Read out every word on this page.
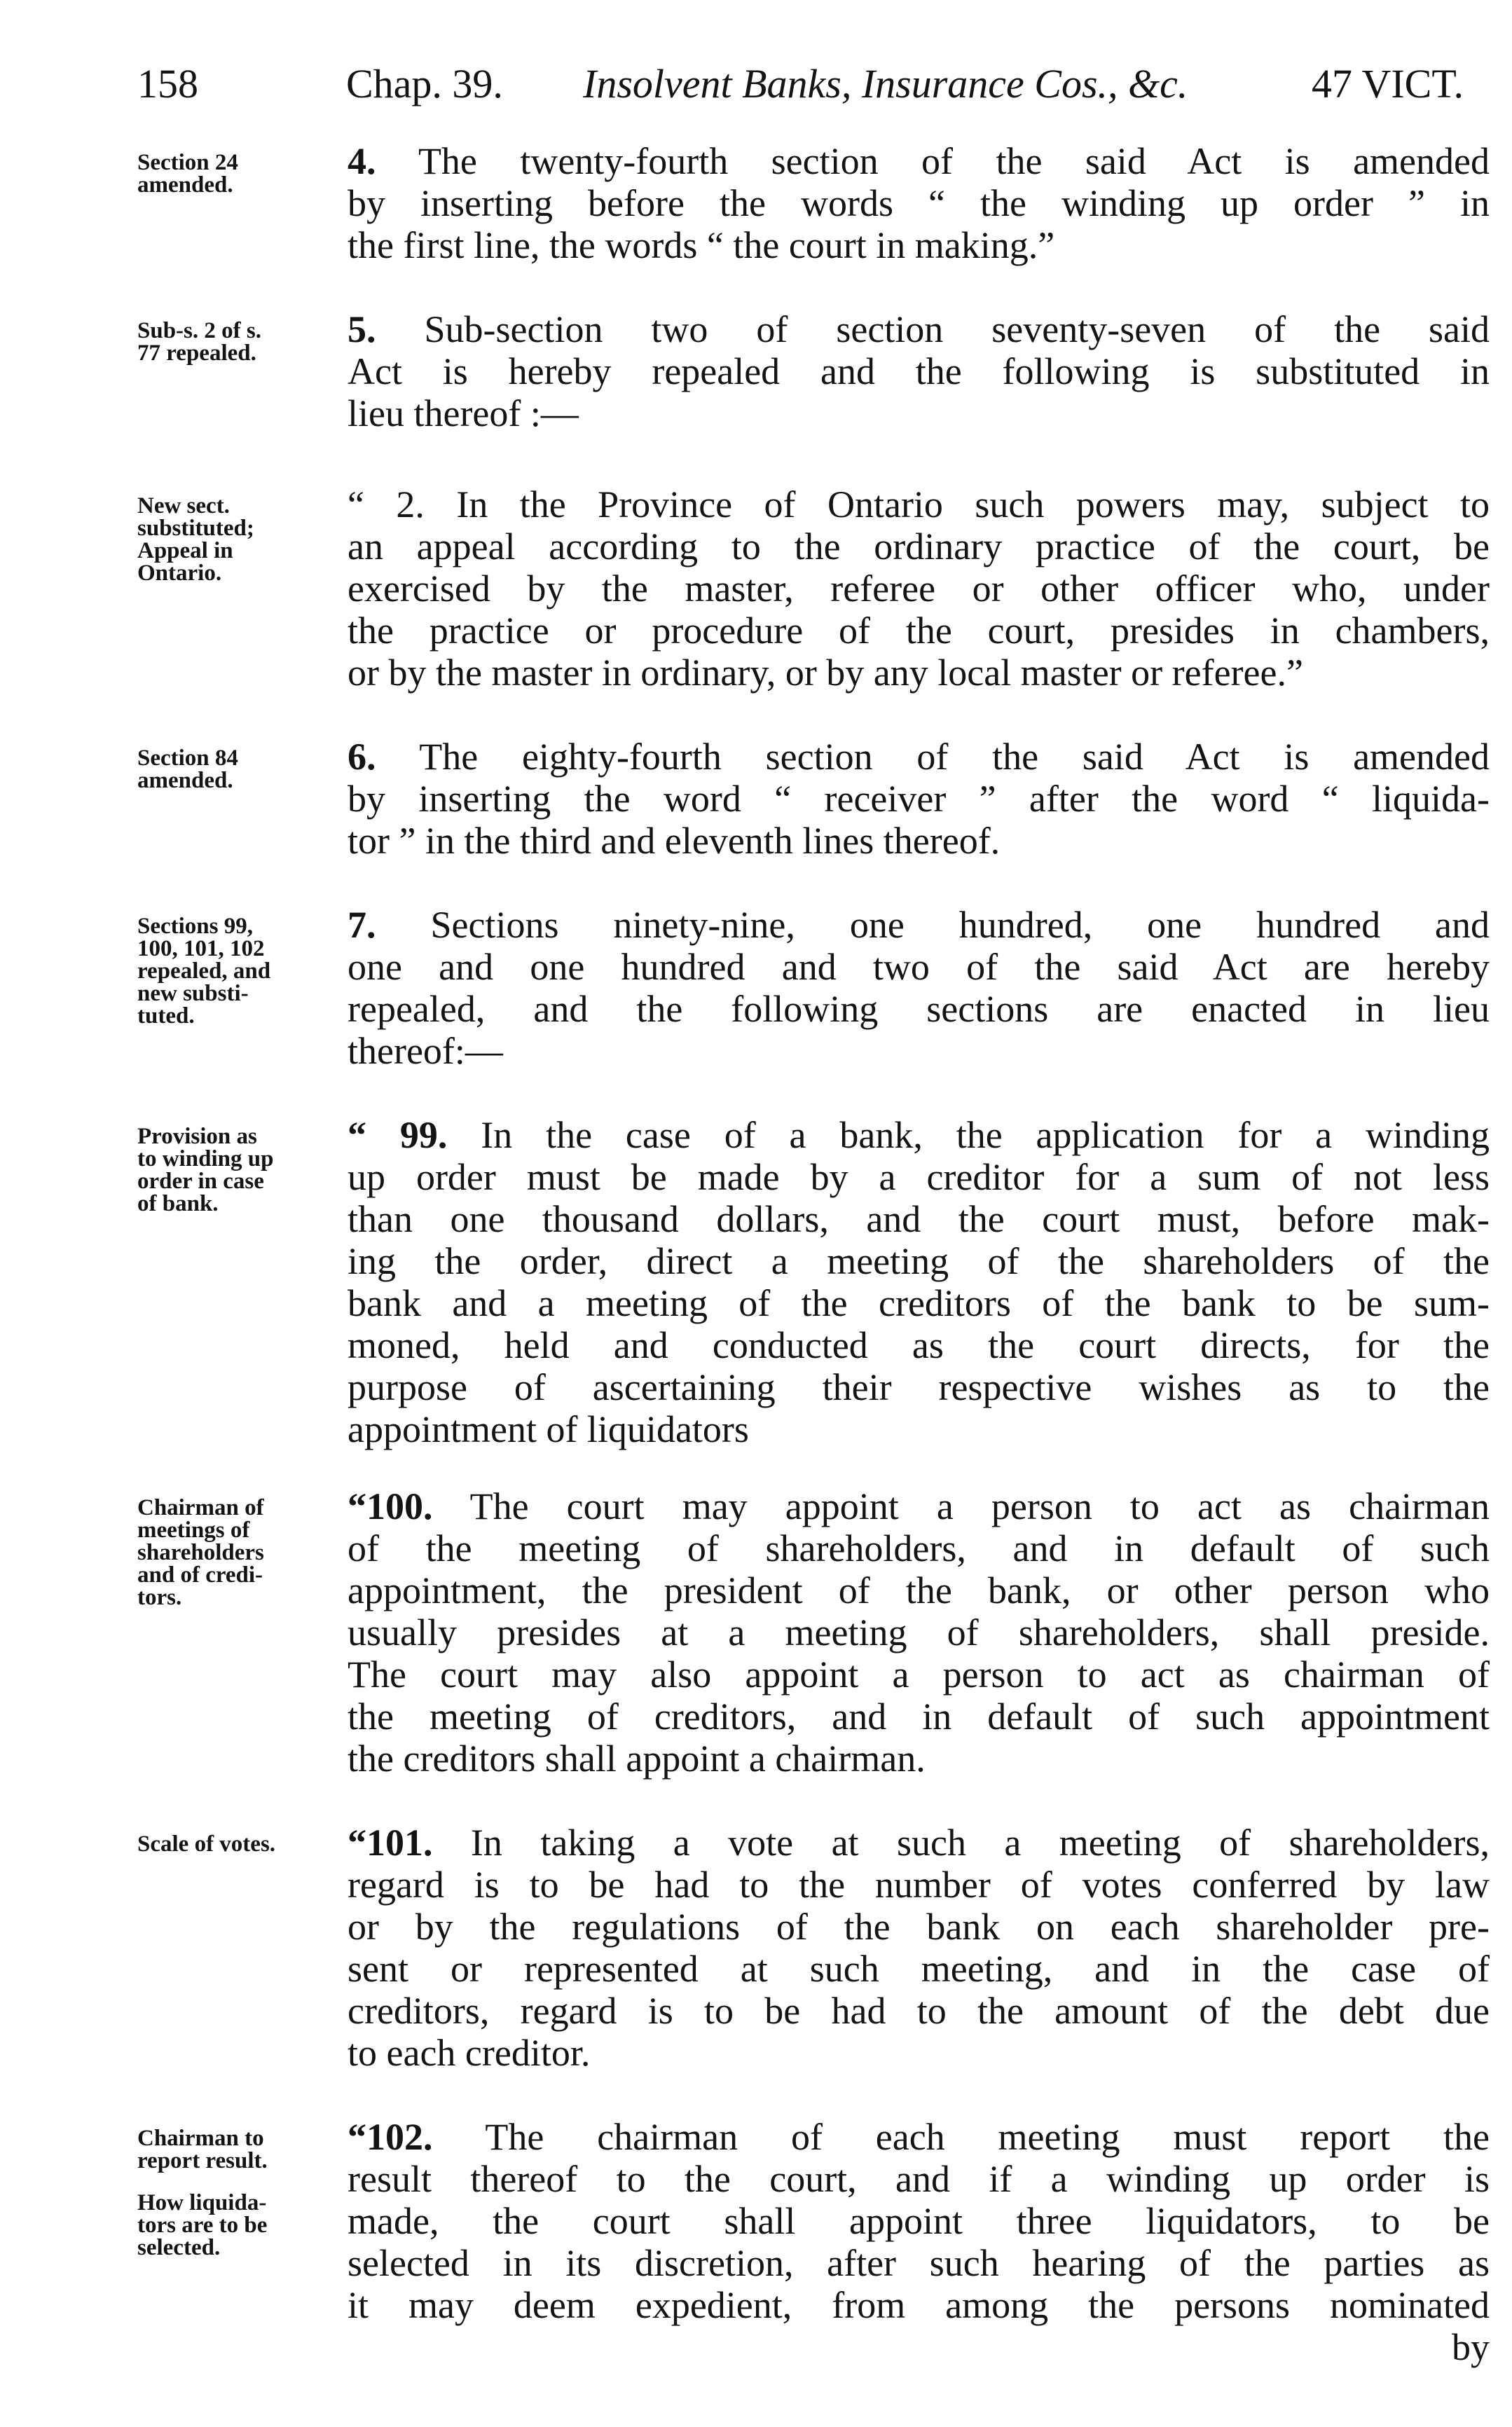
158	Chap. 39. Insolvent Banks, Insurance Cos., &c.	47 VICT.
Section 24
amended.
4. The twenty-fourth section of the said Act is amended
by inserting before the words “ the winding up order ” in
the first line, the words “ the court in making.”
Sub-s. 2 of s.
77 repealed.
5. Sub-section two of section seventy-seven of the said
Act is hereby repealed and the following is substituted in
lieu thereof :—
New sect.
substituted;
Appeal in
Ontario.
“ 2. In the Province of Ontario such powers may, subject to
an appeal according to the ordinary practice of the court, be
exercised by the master, referee or other officer who, under
the practice or procedure of the court, presides in chambers,
or by the master in ordinary, or by any local master or referee.”
Section 84
amended.
6. The eighty-fourth section of the said Act is amended
by inserting the word “ receiver ” after the word “ liquida-
tor ” in the third and eleventh lines thereof.
Sections 99,
100, 101, 102
repealed, and
new substi-
tuted.
7. Sections ninety-nine, one hundred, one hundred and
one and one hundred and two of the said Act are hereby
repealed, and the following sections are enacted in lieu
thereof:—
Provision as
to winding up
order in case
of bank.
“ 99. In the case of a bank, the application for a winding
up order must be made by a creditor for a sum of not less
than one thousand dollars, and the court must, before mak-
ing the order, direct a meeting of the shareholders of the
bank and a meeting of the creditors of the bank to be sum-
moned, held and conducted as the court directs, for the
purpose of ascertaining their respective wishes as to the
appointment of liquidators
Chairman of
meetings of
shareholders
and of credi-
tors.
“100. The court may appoint a person to act as chairman
of the meeting of shareholders, and in default of such
appointment, the president of the bank, or other person who
usually presides at a meeting of shareholders, shall preside.
The court may also appoint a person to act as chairman of
the meeting of creditors, and in default of such appointment
the creditors shall appoint a chairman.
Scale of votes.	“101. In taking a vote at such a meeting of shareholders,
regard is to be had to the number of votes conferred by law
or by the regulations of the bank on each shareholder pre-
sent or represented at such meeting, and in the case of
creditors, regard is to be had to the amount of the debt due
to each creditor.
Chairman to
report result.
How liquida-
tors are to be
selected.
“102. The chairman of each meeting must report the
result thereof to the court, and if a winding up order is
made, the court shall appoint three liquidators, to be
selected in its discretion, after such hearing of the parties as
it may deem expedient, from among the persons nominated
by
